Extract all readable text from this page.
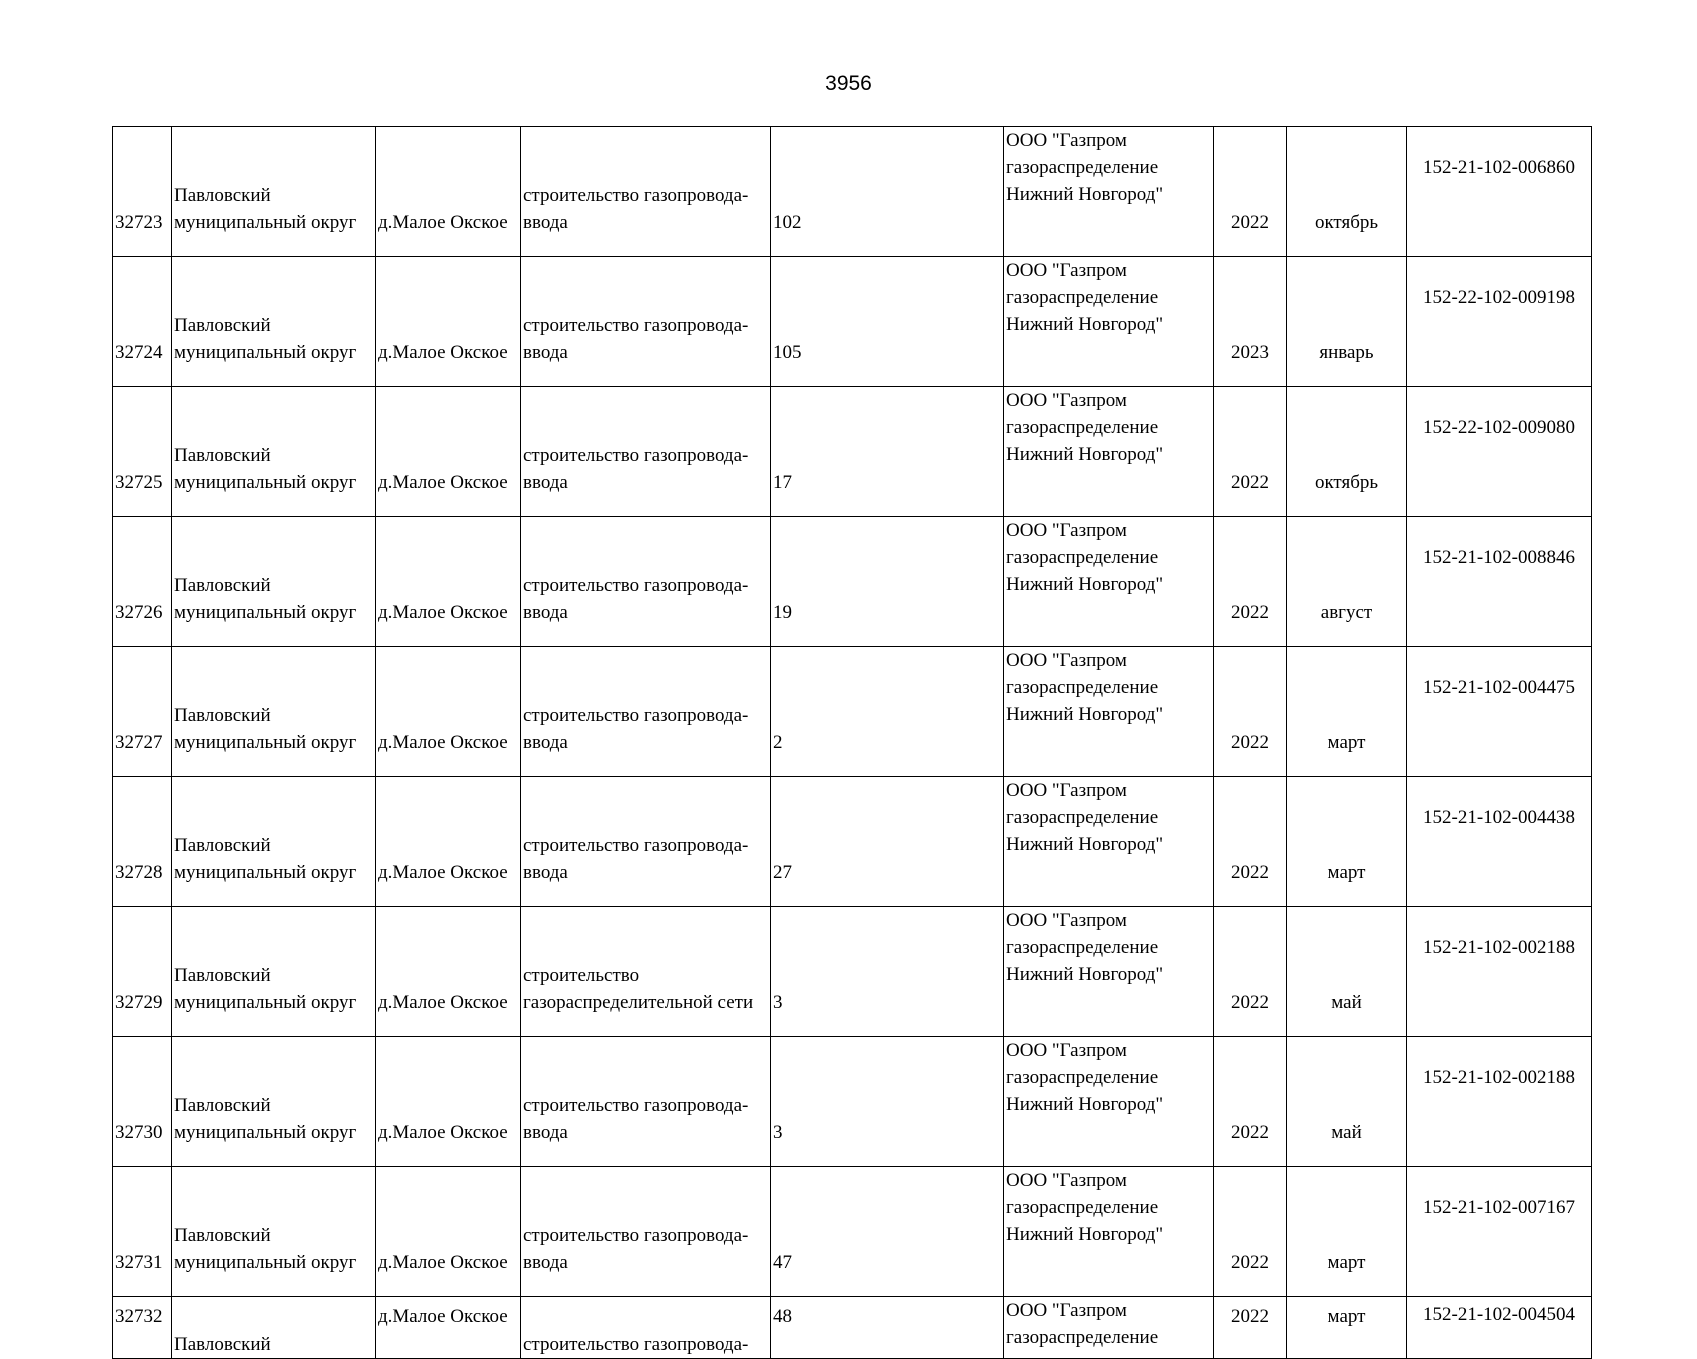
3956
32723	Павловский
муниципальный округ	д.Малое Окское	строительство газопровода-
ввода	102	ООО "Газпром
газораспределение
Нижний Новгород"	2022	октябрь	152-21-102-006860
32724	Павловский
муниципальный округ	д.Малое Окское	строительство газопровода-
ввода	105	ООО "Газпром
газораспределение
Нижний Новгород"	2023	январь	152-22-102-009198
32725	Павловский
муниципальный округ	д.Малое Окское	строительство газопровода-
ввода	17	ООО "Газпром
газораспределение
Нижний Новгород"	2022	октябрь	152-22-102-009080
32726	Павловский
муниципальный округ	д.Малое Окское	строительство газопровода-
ввода	19	ООО "Газпром
газораспределение
Нижний Новгород"	2022	август	152-21-102-008846
32727	Павловский
муниципальный округ	д.Малое Окское	строительство газопровода-
ввода	2	ООО "Газпром
газораспределение
Нижний Новгород"	2022	март	152-21-102-004475
32728	Павловский
муниципальный округ	д.Малое Окское	строительство газопровода-
ввода	27	ООО "Газпром
газораспределение
Нижний Новгород"	2022	март	152-21-102-004438
32729	Павловский
муниципальный округ	д.Малое Окское	строительство
газораспределительной сети	3	ООО "Газпром
газораспределение
Нижний Новгород"	2022	май	152-21-102-002188
32730	Павловский
муниципальный округ	д.Малое Окское	строительство газопровода-
ввода	3	ООО "Газпром
газораспределение
Нижний Новгород"	2022	май	152-21-102-002188
32731	Павловский
муниципальный округ	д.Малое Окское	строительство газопровода-
ввода	47	ООО "Газпром
газораспределение
Нижний Новгород"	2022	март	152-21-102-007167
32732	Павловский	д.Малое Окское	строительство газопровода-	48	ООО "Газпром
газораспределение	2022	март	152-21-102-004504
